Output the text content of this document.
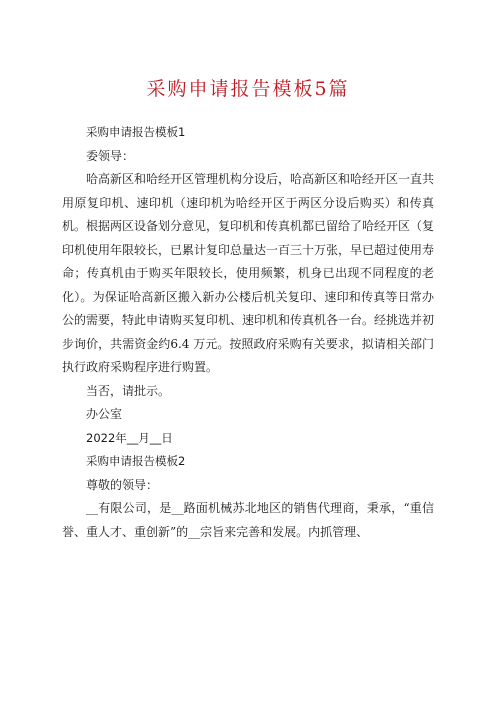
采购申请报告模板5篇

采购申请报告模板1

委领导：

哈高新区和哈经开区管理机构分设后，哈高新区和哈经开区一直共用原复印机、速印机（速印机为哈经开区于两区分设后购买）和传真机。根据两区设备划分意见，复印机和传真机都已留给了哈经开区（复印机使用年限较长，已累计复印总量达一百三十万张，早已超过使用寿命；传真机由于购买年限较长，使用频繁，机身已出现不同程度的老化）。为保证哈高新区搬入新办公楼后机关复印、速印和传真等日常办公的需要，特此申请购买复印机、速印机和传真机各一台。经挑选并初步询价，共需资金约6.4 万元。按照政府采购有关要求，拟请相关部门执行政府采购程序进行购置。

当否，请批示。

办公室

2022年__月__日

采购申请报告模板2

尊敬的领导：

__有限公司，是__路面机械苏北地区的销售代理商，秉承，“重信誉、重人才、重创新”的__宗旨来完善和发展。内抓管理、
